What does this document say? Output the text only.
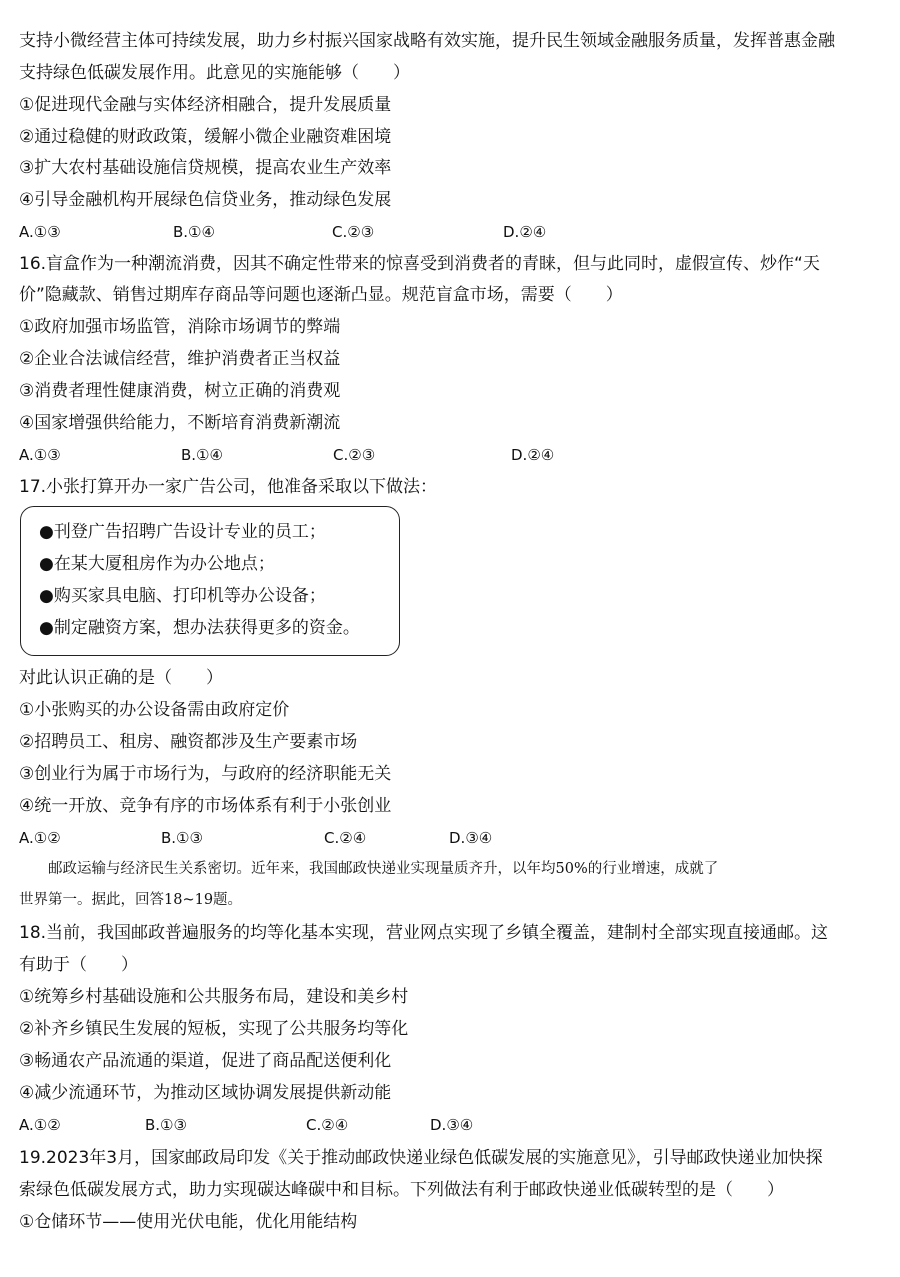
支持小微经营主体可持续发展，助力乡村振兴国家战略有效实施，提升民生领域金融服务质量，发挥普惠金融
支持绿色低碳发展作用。此意见的实施能够（　　）
①促进现代金融与实体经济相融合，提升发展质量
②通过稳健的财政政策，缓解小微企业融资难困境
③扩大农村基础设施信贷规模，提高农业生产效率
④引导金融机构开展绿色信贷业务，推动绿色发展
A.①③	B.①④	C.②③	D.②④
16.盲盒作为一种潮流消费，因其不确定性带来的惊喜受到消费者的青睐，但与此同时，虚假宣传、炒作“天
价”隐藏款、销售过期库存商品等问题也逐渐凸显。规范盲盒市场，需要（　　）
①政府加强市场监管，消除市场调节的弊端
②企业合法诚信经营，维护消费者正当权益
③消费者理性健康消费，树立正确的消费观
④国家增强供给能力，不断培育消费新潮流
A.①③	B.①④	C.②③	D.②④
17.小张打算开办一家广告公司，他准备采取以下做法：
●刊登广告招聘广告设计专业的员工；
●在某大厦租房作为办公地点；
●购买家具电脑、打印机等办公设备；
●制定融资方案，想办法获得更多的资金。
对此认识正确的是（　　）
①小张购买的办公设备需由政府定价
②招聘员工、租房、融资都涉及生产要素市场
③创业行为属于市场行为，与政府的经济职能无关
④统一开放、竞争有序的市场体系有利于小张创业
A.①②	B.①③	C.②④	D.③④
　　邮政运输与经济民生关系密切。近年来，我国邮政快递业实现量质齐升，以年均50%的行业增速，成就了
世界第一。据此，回答18~19题。
18.当前，我国邮政普遍服务的均等化基本实现，营业网点实现了乡镇全覆盖，建制村全部实现直接通邮。这
有助于（　　）
①统筹乡村基础设施和公共服务布局，建设和美乡村
②补齐乡镇民生发展的短板，实现了公共服务均等化
③畅通农产品流通的渠道，促进了商品配送便利化
④减少流通环节，为推动区域协调发展提供新动能
A.①②	B.①③	C.②④	D.③④
19.2023年3月，国家邮政局印发《关于推动邮政快递业绿色低碳发展的实施意见》，引导邮政快递业加快探
索绿色低碳发展方式，助力实现碳达峰碳中和目标。下列做法有利于邮政快递业低碳转型的是（　　）
①仓储环节——使用光伏电能，优化用能结构
